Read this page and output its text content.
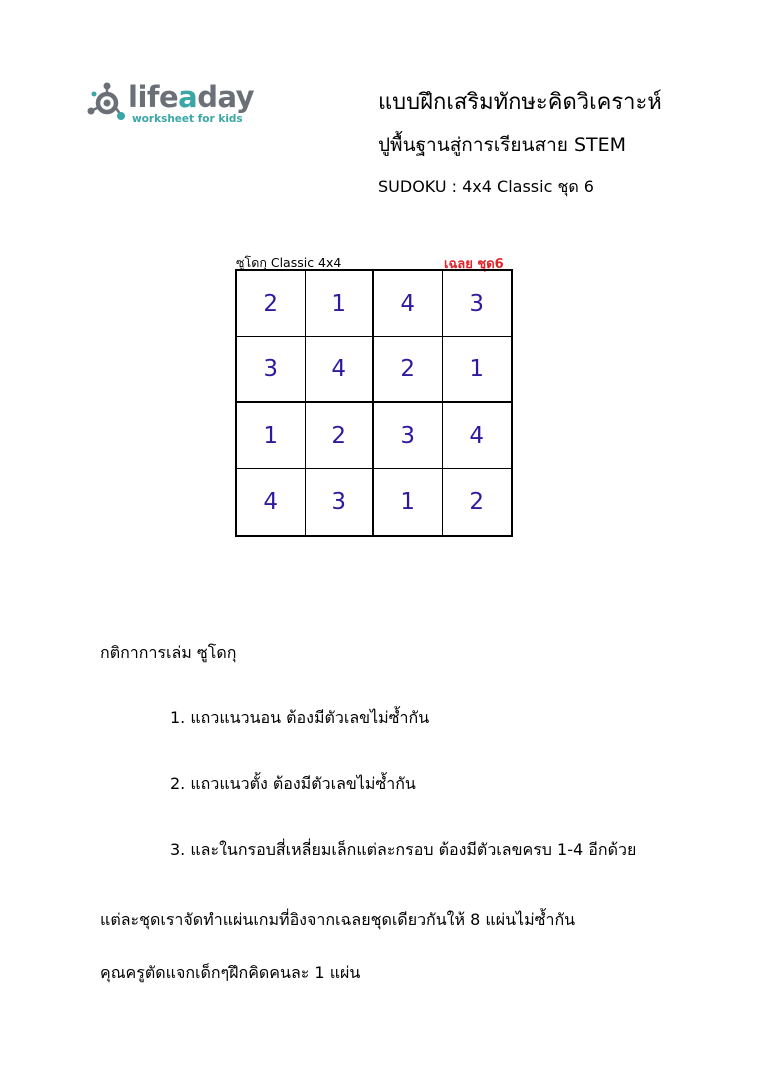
lifeaday
worksheet for kids
แบบฝึกเสริมทักษะคิดวิเคราะห์
ปูพื้นฐานสู่การเรียนสาย STEM
SUDOKU : 4x4 Classic ชุด 6
ซูโดกุ Classic 4x4	เฉลย ชุด6
2	1	4	3
3	4	2	1
1	2	3	4
4	3	1	2
กติกาการเล่ม ซูโดกุ
1. แถวแนวนอน ต้องมีตัวเลขไม่ซ้ำกัน
2. แถวแนวตั้ง ต้องมีตัวเลขไม่ซ้ำกัน
3. และในกรอบสี่เหลี่ยมเล็กแต่ละกรอบ ต้องมีตัวเลขครบ 1-4 อีกด้วย
แต่ละชุดเราจัดทำแผ่นเกมที่อิงจากเฉลยชุดเดียวกันให้ 8 แผ่นไม่ซ้ำกัน
คุณครูตัดแจกเด็กๆฝึกคิดคนละ 1 แผ่น
